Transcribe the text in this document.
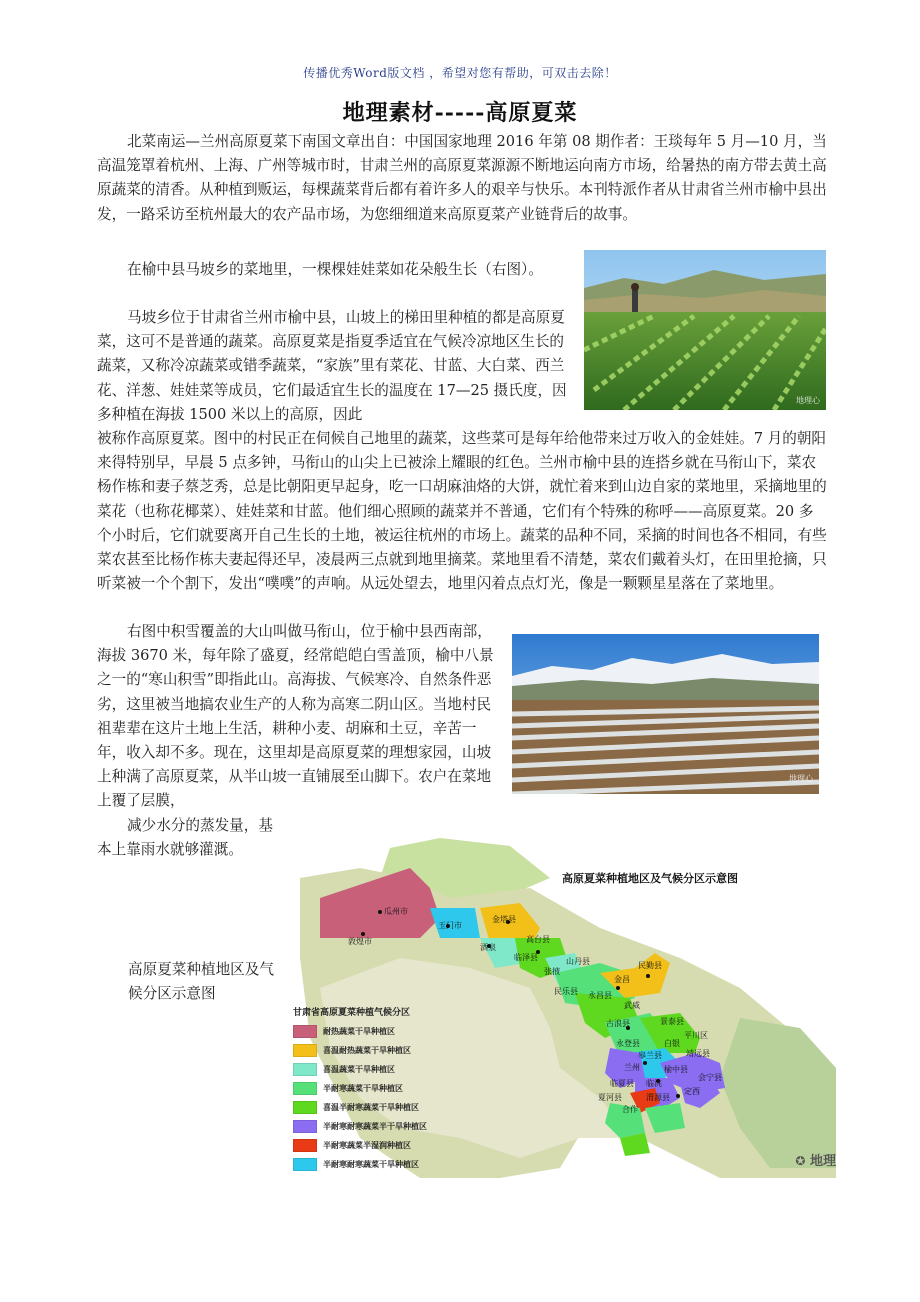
传播优秀Word版文档 ，希望对您有帮助，可双击去除！
地理素材-----高原夏菜

北菜南运—兰州高原夏菜下南国文章出自：中国国家地理 2016 年第 08 期作者：王琰每年 5 月—10 月，当高温笼罩着杭州、上海、广州等城市时，甘肃兰州的高原夏菜源源不断地运向南方市场，给暑热的南方带去黄土高原蔬菜的清香。从种植到贩运，每棵蔬菜背后都有着许多人的艰辛与快乐。本刊特派作者从甘肃省兰州市榆中县出发，一路采访至杭州最大的农产品市场，为您细细道来高原夏菜产业链背后的故事。

在榆中县马坡乡的菜地里，一棵棵娃娃菜如花朵般生长（右图）。

马坡乡位于甘肃省兰州市榆中县，山坡上的梯田里种植的都是高原夏菜，这可不是普通的蔬菜。高原夏菜是指夏季适宜在气候冷凉地区生长的蔬菜，又称冷凉蔬菜或错季蔬菜，“家族”里有菜花、甘蓝、大白菜、西兰花、洋葱、娃娃菜等成员，它们最适宜生长的温度在 17—25 摄氏度，因多种植在海拔 1500 米以上的高原，因此

被称作高原夏菜。图中的村民正在伺候自己地里的蔬菜，这些菜可是每年给他带来过万收入的金娃娃。7 月的朝阳来得特别早，早晨 5 点多钟，马衔山的山尖上已被涂上耀眼的红色。兰州市榆中县的连搭乡就在马衔山下，菜农杨作栋和妻子蔡芝秀，总是比朝阳更早起身，吃一口胡麻油烙的大饼，就忙着来到山边自家的菜地里，采摘地里的菜花（也称花椰菜）、娃娃菜和甘蓝。他们细心照顾的蔬菜并不普通，它们有个特殊的称呼——高原夏菜。20 多个小时后，它们就要离开自己生长的土地，被运往杭州的市场上。蔬菜的品种不同，采摘的时间也各不相同，有些菜农甚至比杨作栋夫妻起得还早，凌晨两三点就到地里摘菜。菜地里看不清楚，菜农们戴着头灯，在田里抢摘，只听菜被一个个割下，发出“噗噗”的声响。从远处望去，地里闪着点点灯光，像是一颗颗星星落在了菜地里。

地理心

右图中积雪覆盖的大山叫做马衔山，位于榆中县西南部，海拔 3670 米，每年除了盛夏，经常皑皑白雪盖顶，榆中八景之一的“寒山积雪”即指此山。高海拔、气候寒冷、自然条件恶劣，这里被当地搞农业生产的人称为高寒二阴山区。当地村民祖辈辈在这片土地上生活，耕种小麦、胡麻和土豆，辛苦一年，收入却不多。现在，这里却是高原夏菜的理想家园，山坡上种满了高原夏菜，从半山坡一直铺展至山脚下。农户在菜地上覆了层膜，

减少水分的蒸发量，基本上靠雨水就够灌溉。

地理心
高原夏菜种植地区及气候分区示意图
高原夏菜种植地区及气候分区示意图
瓜州市
敦煌市
玉门市
金塔县
酒泉
高台县
临泽县
张掖
山丹县
民乐县
金昌
民勤县
永昌县
武威
古浪县	景泰县
平川区
永登县	白银
靖远县
皋兰县
兰州	榆中县
会宁县
临夏县 临洮
渭源县
定西
夏河县
合作
甘肃省高原夏菜种植气候分区
耐热蔬菜干旱种植区
喜温耐热蔬菜干旱种植区
喜温蔬菜干旱种植区
半耐寒蔬菜干旱种植区
喜温半耐寒蔬菜干旱种植区
半耐寒耐寒蔬菜半干旱种植区
半耐寒蔬菜半湿润种植区
半耐寒耐寒蔬菜干旱种植区	✪ 地理
